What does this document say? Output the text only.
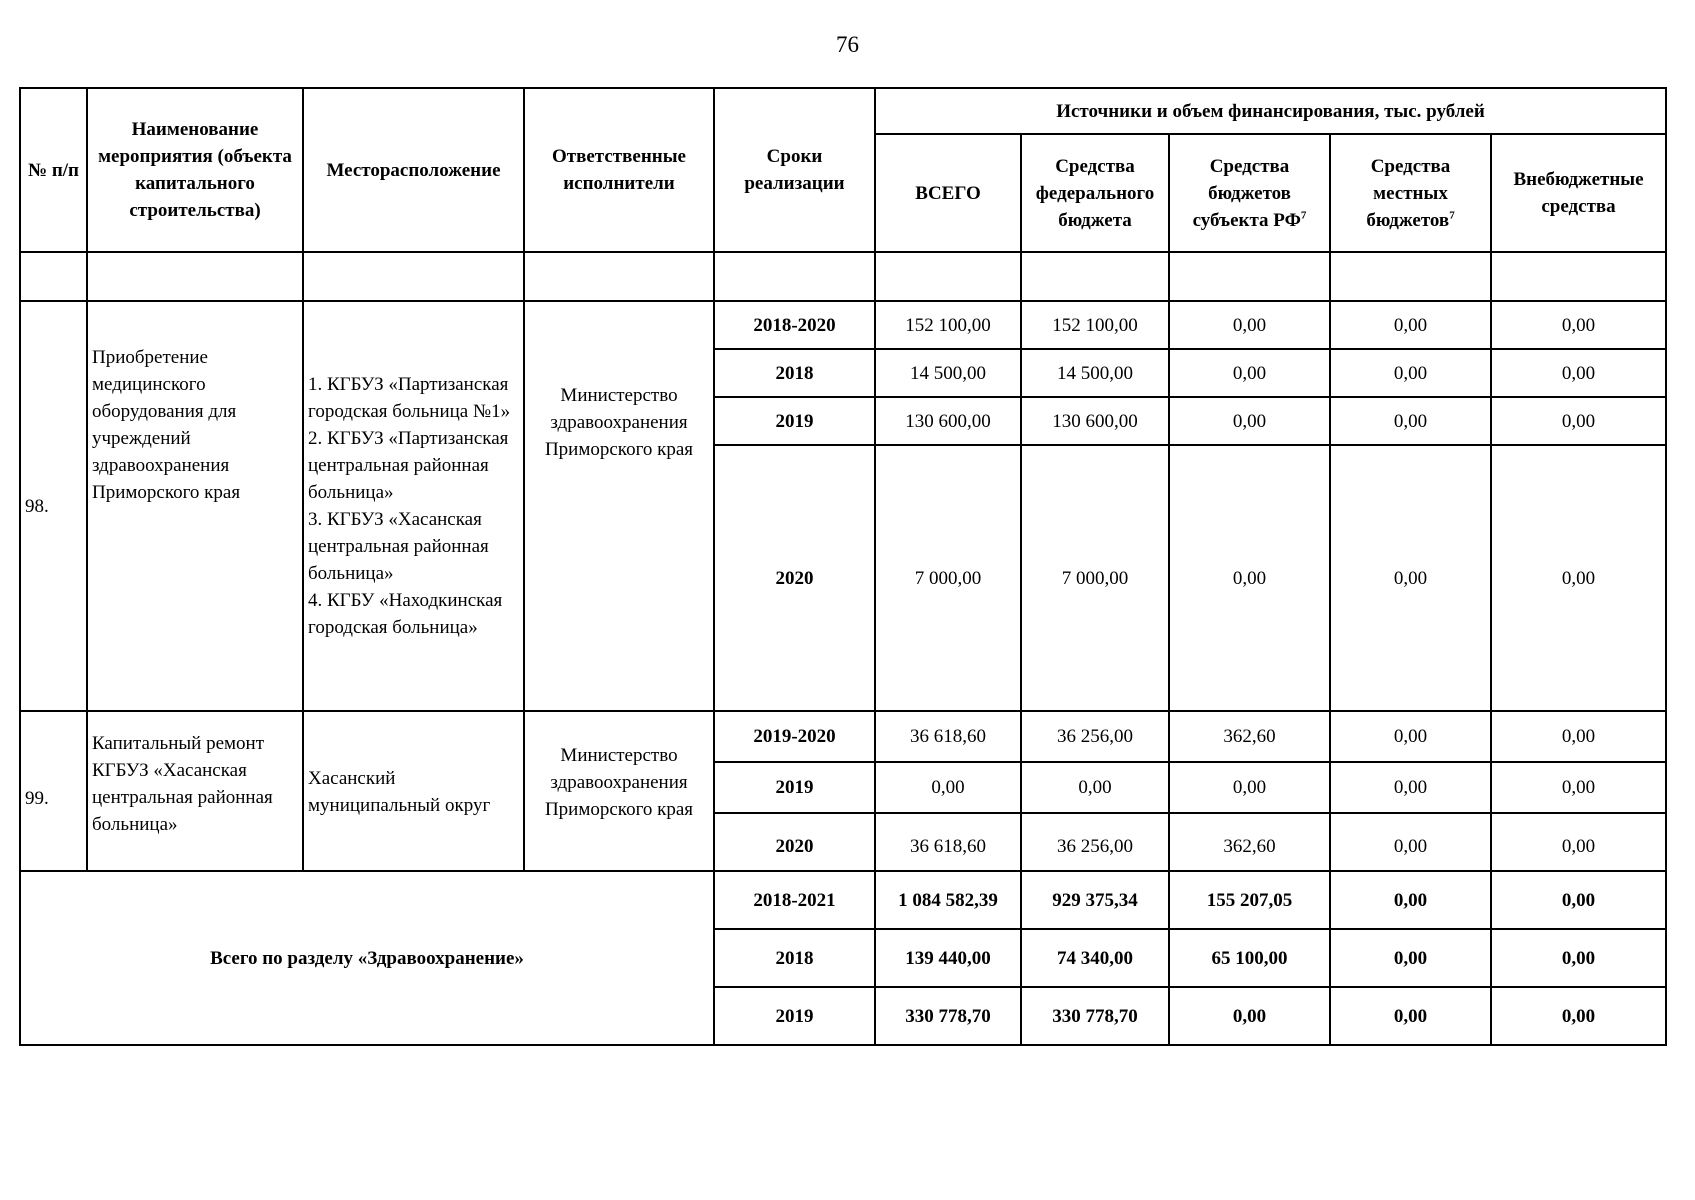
76
№ п/п	Наименование мероприятия (объекта капитального строительства)	Месторасположение	Ответственные исполнители	Сроки реализации	Источники и объем финансирования, тыс. рублей				
					ВСЕГО	Средства федерального бюджета	Средства бюджетов субъекта $РФ^7$	Средства местных бюджетов$^7$	Внебюджетные средства

98.	Приобретение медицинского оборудования для учреждений здравоохранения Приморского края	1. КГБУЗ «Партизанская городская больница №1»
2. КГБУЗ «Партизанская центральная районная больница»
3. КГБУЗ «Хасанская центральная районная больница»
4. КГБУ «Находкинская городская больница»	Министерство здравоохранения Приморского края	2018-2020	152 100,00	152 100,00	0,00	0,00	0,00
				2018	14 500,00	14 500,00	0,00	0,00	0,00
				2019	130 600,00	130 600,00	0,00	0,00	0,00
				2020	7 000,00	7 000,00	0,00	0,00	0,00
99.	Капитальный ремонт КГБУЗ «Хасанская центральная районная больница»	Хасанский муниципальный округ	Министерство здравоохранения Приморского края	2019-2020	36 618,60	36 256,00	362,60	0,00	0,00
				2019	0,00	0,00	0,00	0,00	0,00
				2020	36 618,60	36 256,00	362,60	0,00	0,00
Всего по разделу «Здравоохранение»				2018-2021	1 084 582,39	929 375,34	155 207,05	0,00	0,00
				2018	139 440,00	74 340,00	65 100,00	0,00	0,00
				2019	330 778,70	330 778,70	0,00	0,00	0,00
